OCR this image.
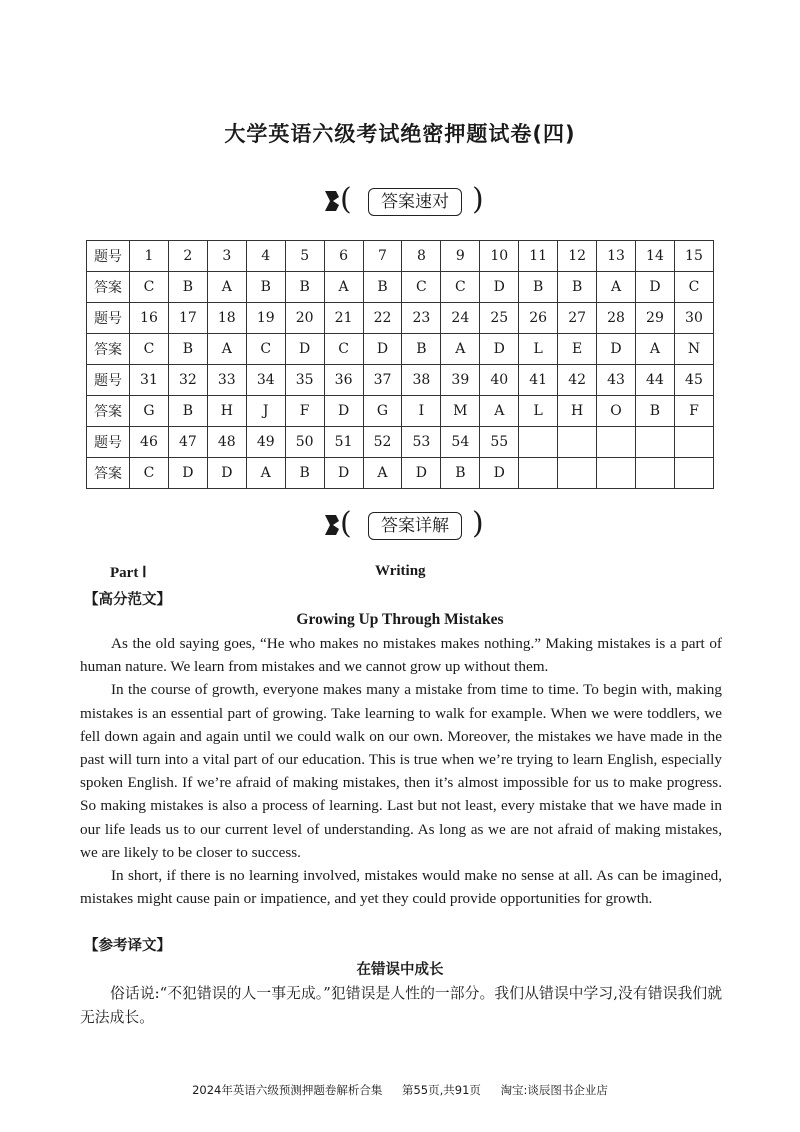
大学英语六级考试绝密押题试卷(四)
(	答案速对 )
题号	1	2	3	4	5	6	7	8	9	10	11	12	13	14	15
答案	C	B	A	B	B	A	B	C	C	D	B	B	A	D	C
题号	16	17	18	19	20	21	22	23	24	25	26	27	28	29	30
答案	C	B	A	C	D	C	D	B	A	D	L	E	D	A	N
题号	31	32	33	34	35	36	37	38	39	40	41	42	43	44	45
答案	G	B	H	J	F	D	G	I	M	A	L	H	O	B	F
题号	46	47	48	49	50	51	52	53	54	55					
答案	C	D	D	A	B	D	A	D	B	D					
(	答案详解 )
Part Ⅰ	Writing
【高分范文】
Growing Up Through Mistakes

As the old saying goes, “He who makes no mistakes makes nothing.” Making mistakes is a part of human nature. We learn from mistakes and we cannot grow up without them.

In the course of growth, everyone makes many a mistake from time to time. To begin with, making mistakes is an essential part of growing. Take learning to walk for example. When we were toddlers, we fell down again and again until we could walk on our own. Moreover, the mistakes we have made in the past will turn into a vital part of our education. This is true when we’re trying to learn English, especially spoken English. If we’re afraid of making mistakes, then it’s almost impossible for us to make progress. So making mistakes is also a process of learning. Last but not least, every mistake that we have made in our life leads us to our current level of understanding. As long as we are not afraid of making mistakes, we are likely to be closer to success.

In short, if there is no learning involved, mistakes would make no sense at all. As can be imagined, mistakes might cause pain or impatience, and yet they could provide opportunities for growth.

【参考译文】
在错误中成长

俗话说:“不犯错误的人一事无成。”犯错误是人性的一部分。我们从错误中学习,没有错误我们就无法成长。

2024年英语六级预测押题卷解析合集 第55页,共91页 淘宝:谈辰图书企业店
